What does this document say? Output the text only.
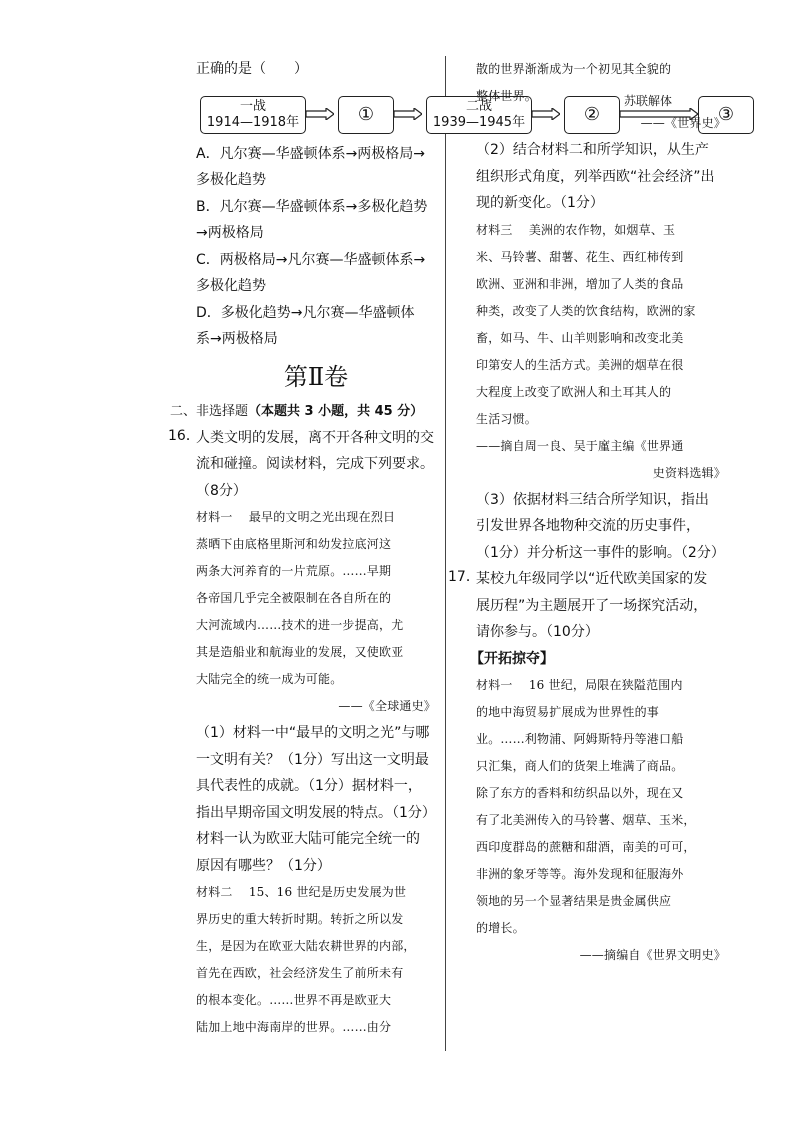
一战
1914—1918年	①	二战
1939—1945年	②
苏联解体
③
正确的是（　　）
A．凡尔赛—华盛顿体系→两极格局→
多极化趋势
B．凡尔赛—华盛顿体系→多极化趋势
→两极格局
C．两极格局→凡尔赛—华盛顿体系→
多极化趋势
D．多极化趋势→凡尔赛—华盛顿体
系→两极格局
第Ⅱ卷
二、非选择题（本题共 3 小题，共 45 分）
16．
人类文明的发展，离不开各种文明的交
流和碰撞。阅读材料，完成下列要求。
（8分）
材料一　 最早的文明之光出现在烈日
蒸晒下由底格里斯河和幼发拉底河这
两条大河养育的一片荒原。……早期
各帝国几乎完全被限制在各自所在的
大河流域内……技术的进一步提高，尤
其是造船业和航海业的发展，又使欧亚
大陆完全的统一成为可能。
——《全球通史》
（1）材料一中“最早的文明之光”与哪
一文明有关？（1分）写出这一文明最
具代表性的成就。（1分）据材料一，
指出早期帝国文明发展的特点。（1分）
材料一认为欧亚大陆可能完全统一的
原因有哪些？（1分）
材料二　 15、16 世纪是历史发展为世
界历史的重大转折时期。转折之所以发
生，是因为在欧亚大陆农耕世界的内部，
首先在西欧，社会经济发生了前所未有
的根本变化。……世界不再是欧亚大
陆加上地中海南岸的世界。……由分
散的世界渐渐成为一个初见其全貌的
整体世界。
——《世界史》
（2）结合材料二和所学知识，从生产
组织形式角度，列举西欧“社会经济”出
现的新变化。（1分）
材料三　 美洲的农作物，如烟草、玉
米、马铃薯、甜薯、花生、西红柿传到
欧洲、亚洲和非洲，增加了人类的食品
种类，改变了人类的饮食结构，欧洲的家
畜，如马、牛、山羊则影响和改变北美
印第安人的生活方式。美洲的烟草在很
大程度上改变了欧洲人和土耳其人的
生活习惯。
——摘自周一良、吴于廑主编《世界通
史资料选辑》
（3）依据材料三结合所学知识，指出
引发世界各地物种交流的历史事件，
（1分）并分析这一事件的影响。（2分）
17．
某校九年级同学以“近代欧美国家的发
展历程”为主题展开了一场探究活动，
请你参与。（10分）
【开拓掠夺】
材料一　 16 世纪，局限在狭隘范围内
的地中海贸易扩展成为世界性的事
业。……利物浦、阿姆斯特丹等港口船
只汇集，商人们的货架上堆满了商品。
除了东方的香料和纺织品以外，现在又
有了北美洲传入的马铃薯、烟草、玉米，
西印度群岛的蔗糖和甜酒，南美的可可，
非洲的象牙等等。海外发现和征服海外
领地的另一个显著结果是贵金属供应
的增长。
——摘编自《世界文明史》
